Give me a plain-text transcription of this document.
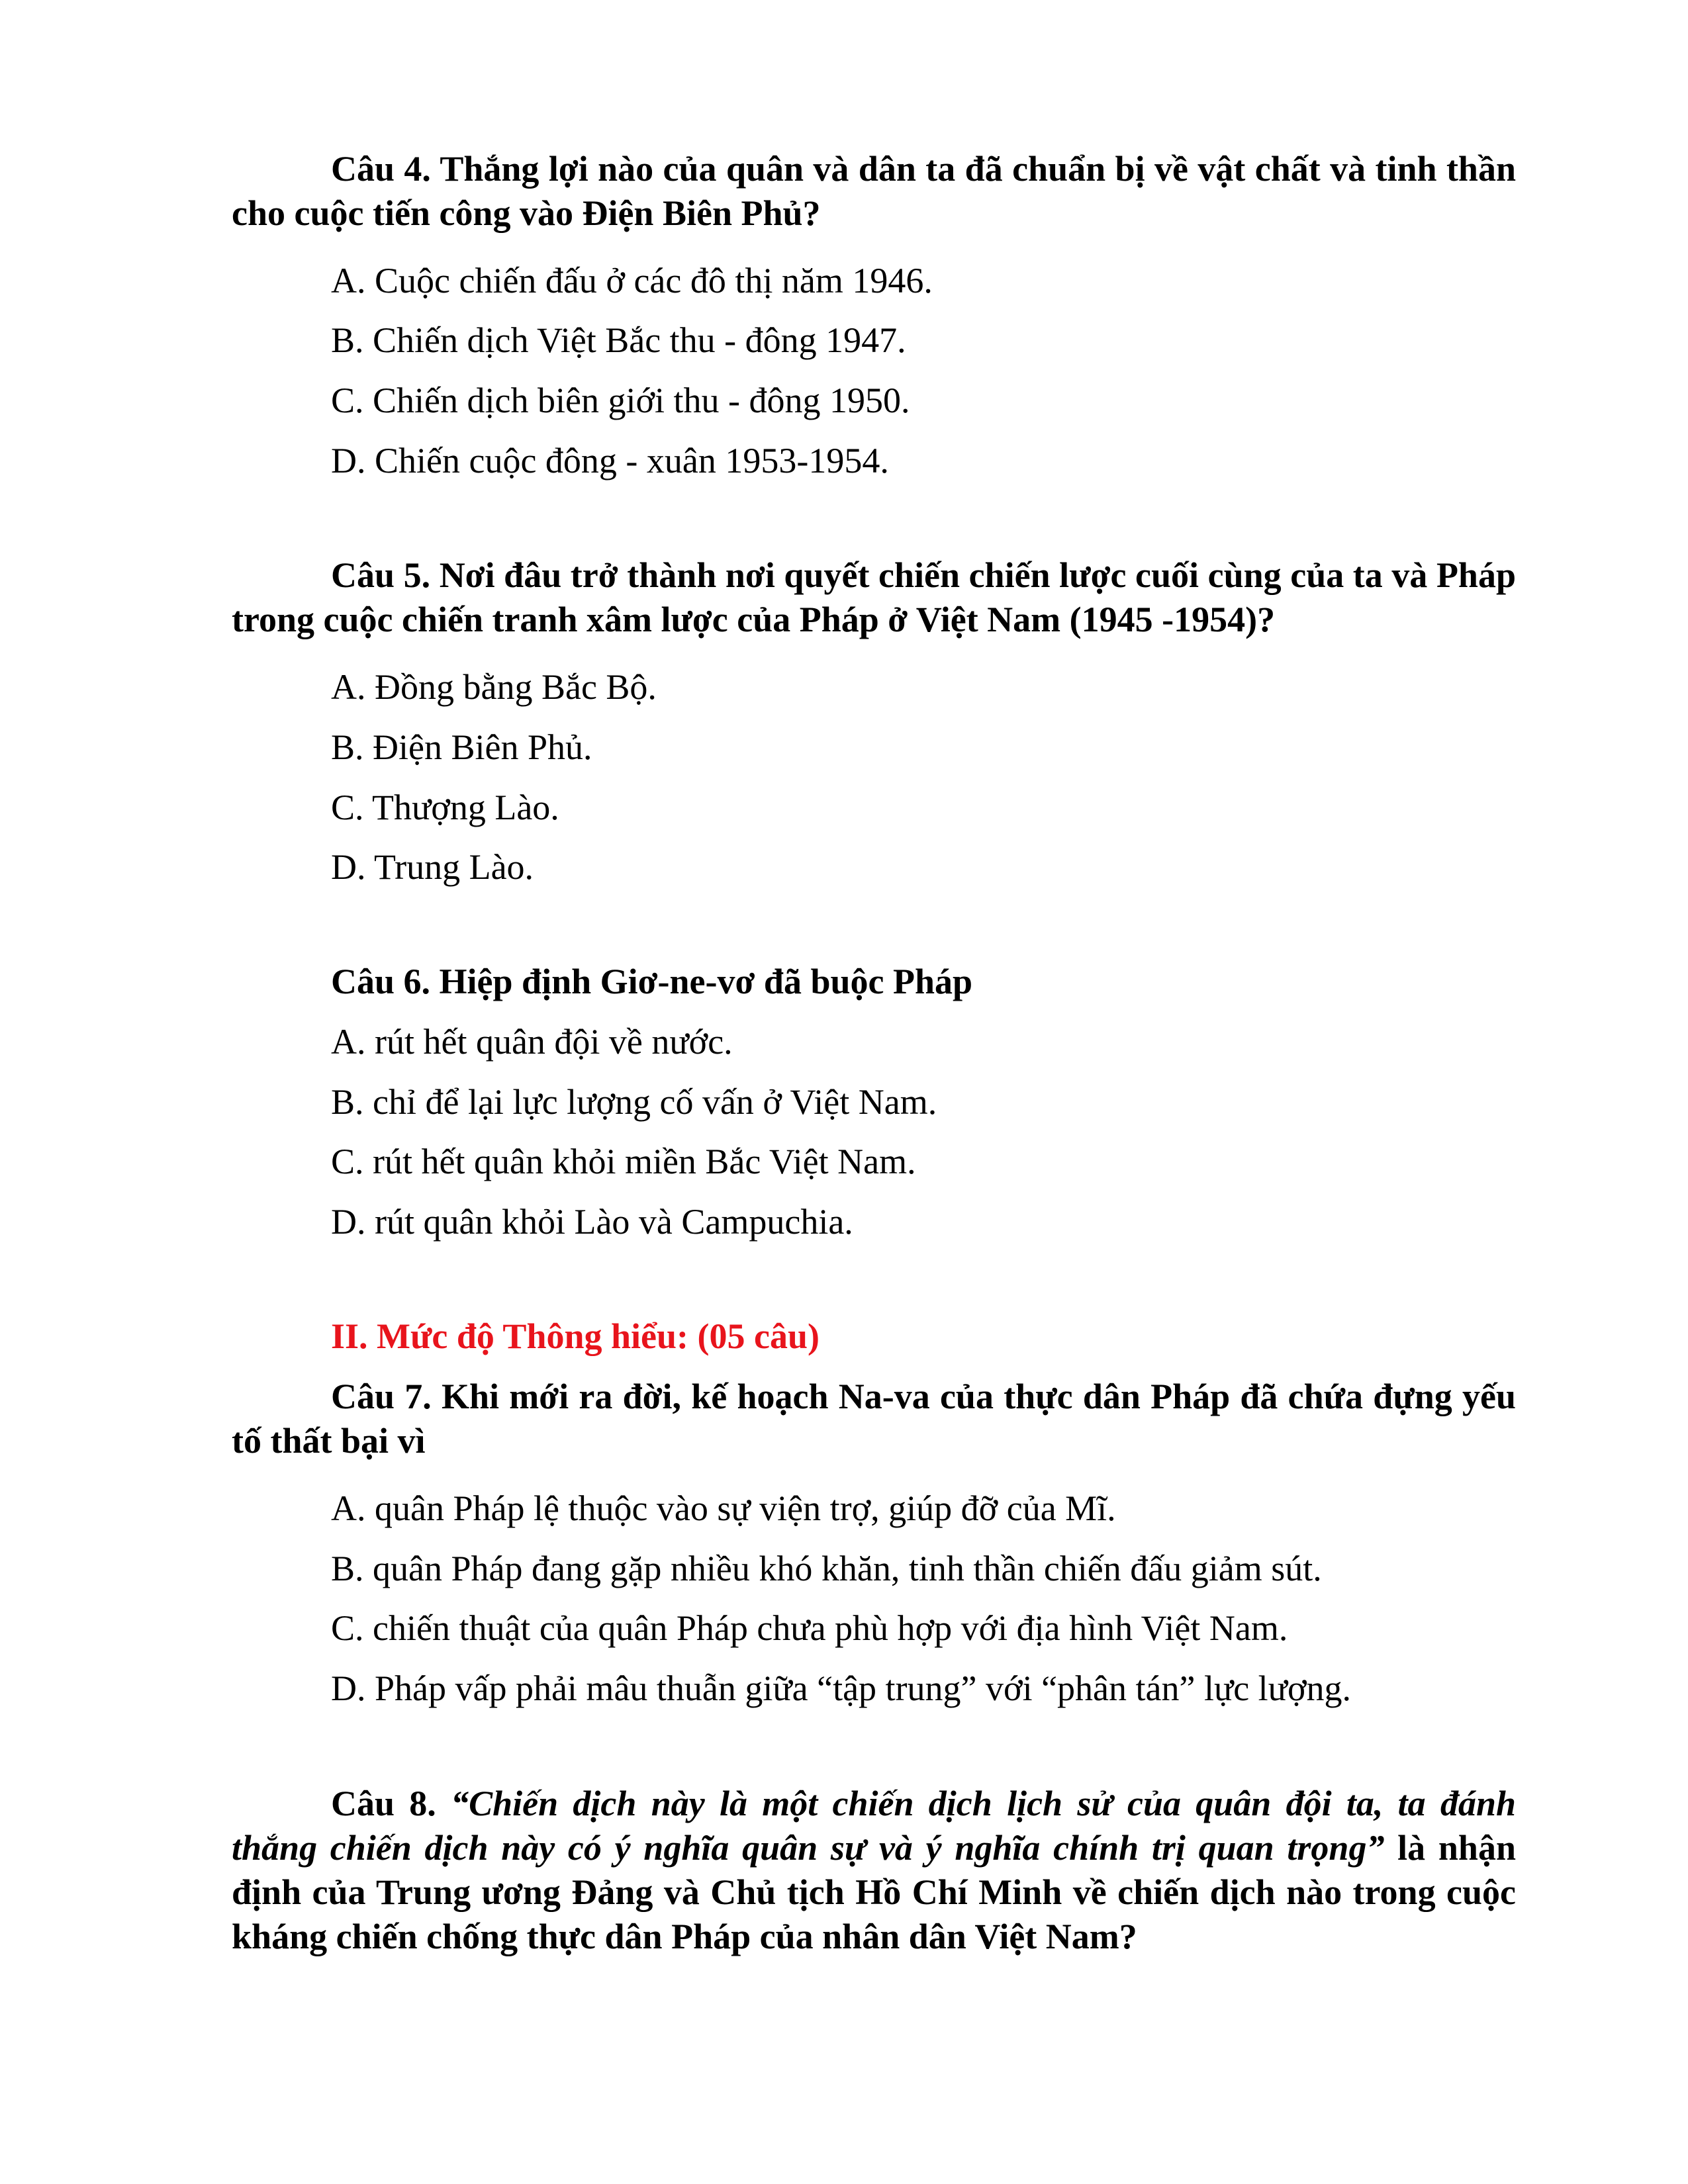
Câu 4. Thắng lợi nào của quân và dân ta đã chuẩn bị về vật chất và tinh thần cho cuộc tiến công vào Điện Biên Phủ?

A. Cuộc chiến đấu ở các đô thị năm 1946.

B. Chiến dịch Việt Bắc thu - đông 1947.

C. Chiến dịch biên giới thu - đông 1950.

D. Chiến cuộc đông - xuân 1953-1954.

Câu 5. Nơi đâu trở thành nơi quyết chiến chiến lược cuối cùng của ta và Pháp trong cuộc chiến tranh xâm lược của Pháp ở Việt Nam (1945 -1954)?

A. Đồng bằng Bắc Bộ.

B. Điện Biên Phủ.

C. Thượng Lào.

D. Trung Lào.

Câu 6. Hiệp định Giơ-ne-vơ đã buộc Pháp

A. rút hết quân đội về nước.

B. chỉ để lại lực lượng cố vấn ở Việt Nam.

C. rút hết quân khỏi miền Bắc Việt Nam.

D. rút quân khỏi Lào và Campuchia.

II. Mức độ Thông hiểu: (05 câu)

Câu 7. Khi mới ra đời, kế hoạch Na-va của thực dân Pháp đã chứa đựng yếu tố thất bại vì

A. quân Pháp lệ thuộc vào sự viện trợ, giúp đỡ của Mĩ.

B. quân Pháp đang gặp nhiều khó khăn, tinh thần chiến đấu giảm sút.

C. chiến thuật của quân Pháp chưa phù hợp với địa hình Việt Nam.

D. Pháp vấp phải mâu thuẫn giữa “tập trung” với “phân tán” lực lượng.

Câu 8. “Chiến dịch này là một chiến dịch lịch sử của quân đội ta, ta đánh thắng chiến dịch này có ý nghĩa quân sự và ý nghĩa chính trị quan trọng” là nhận định của Trung ương Đảng và Chủ tịch Hồ Chí Minh về chiến dịch nào trong cuộc kháng chiến chống thực dân Pháp của nhân dân Việt Nam?
